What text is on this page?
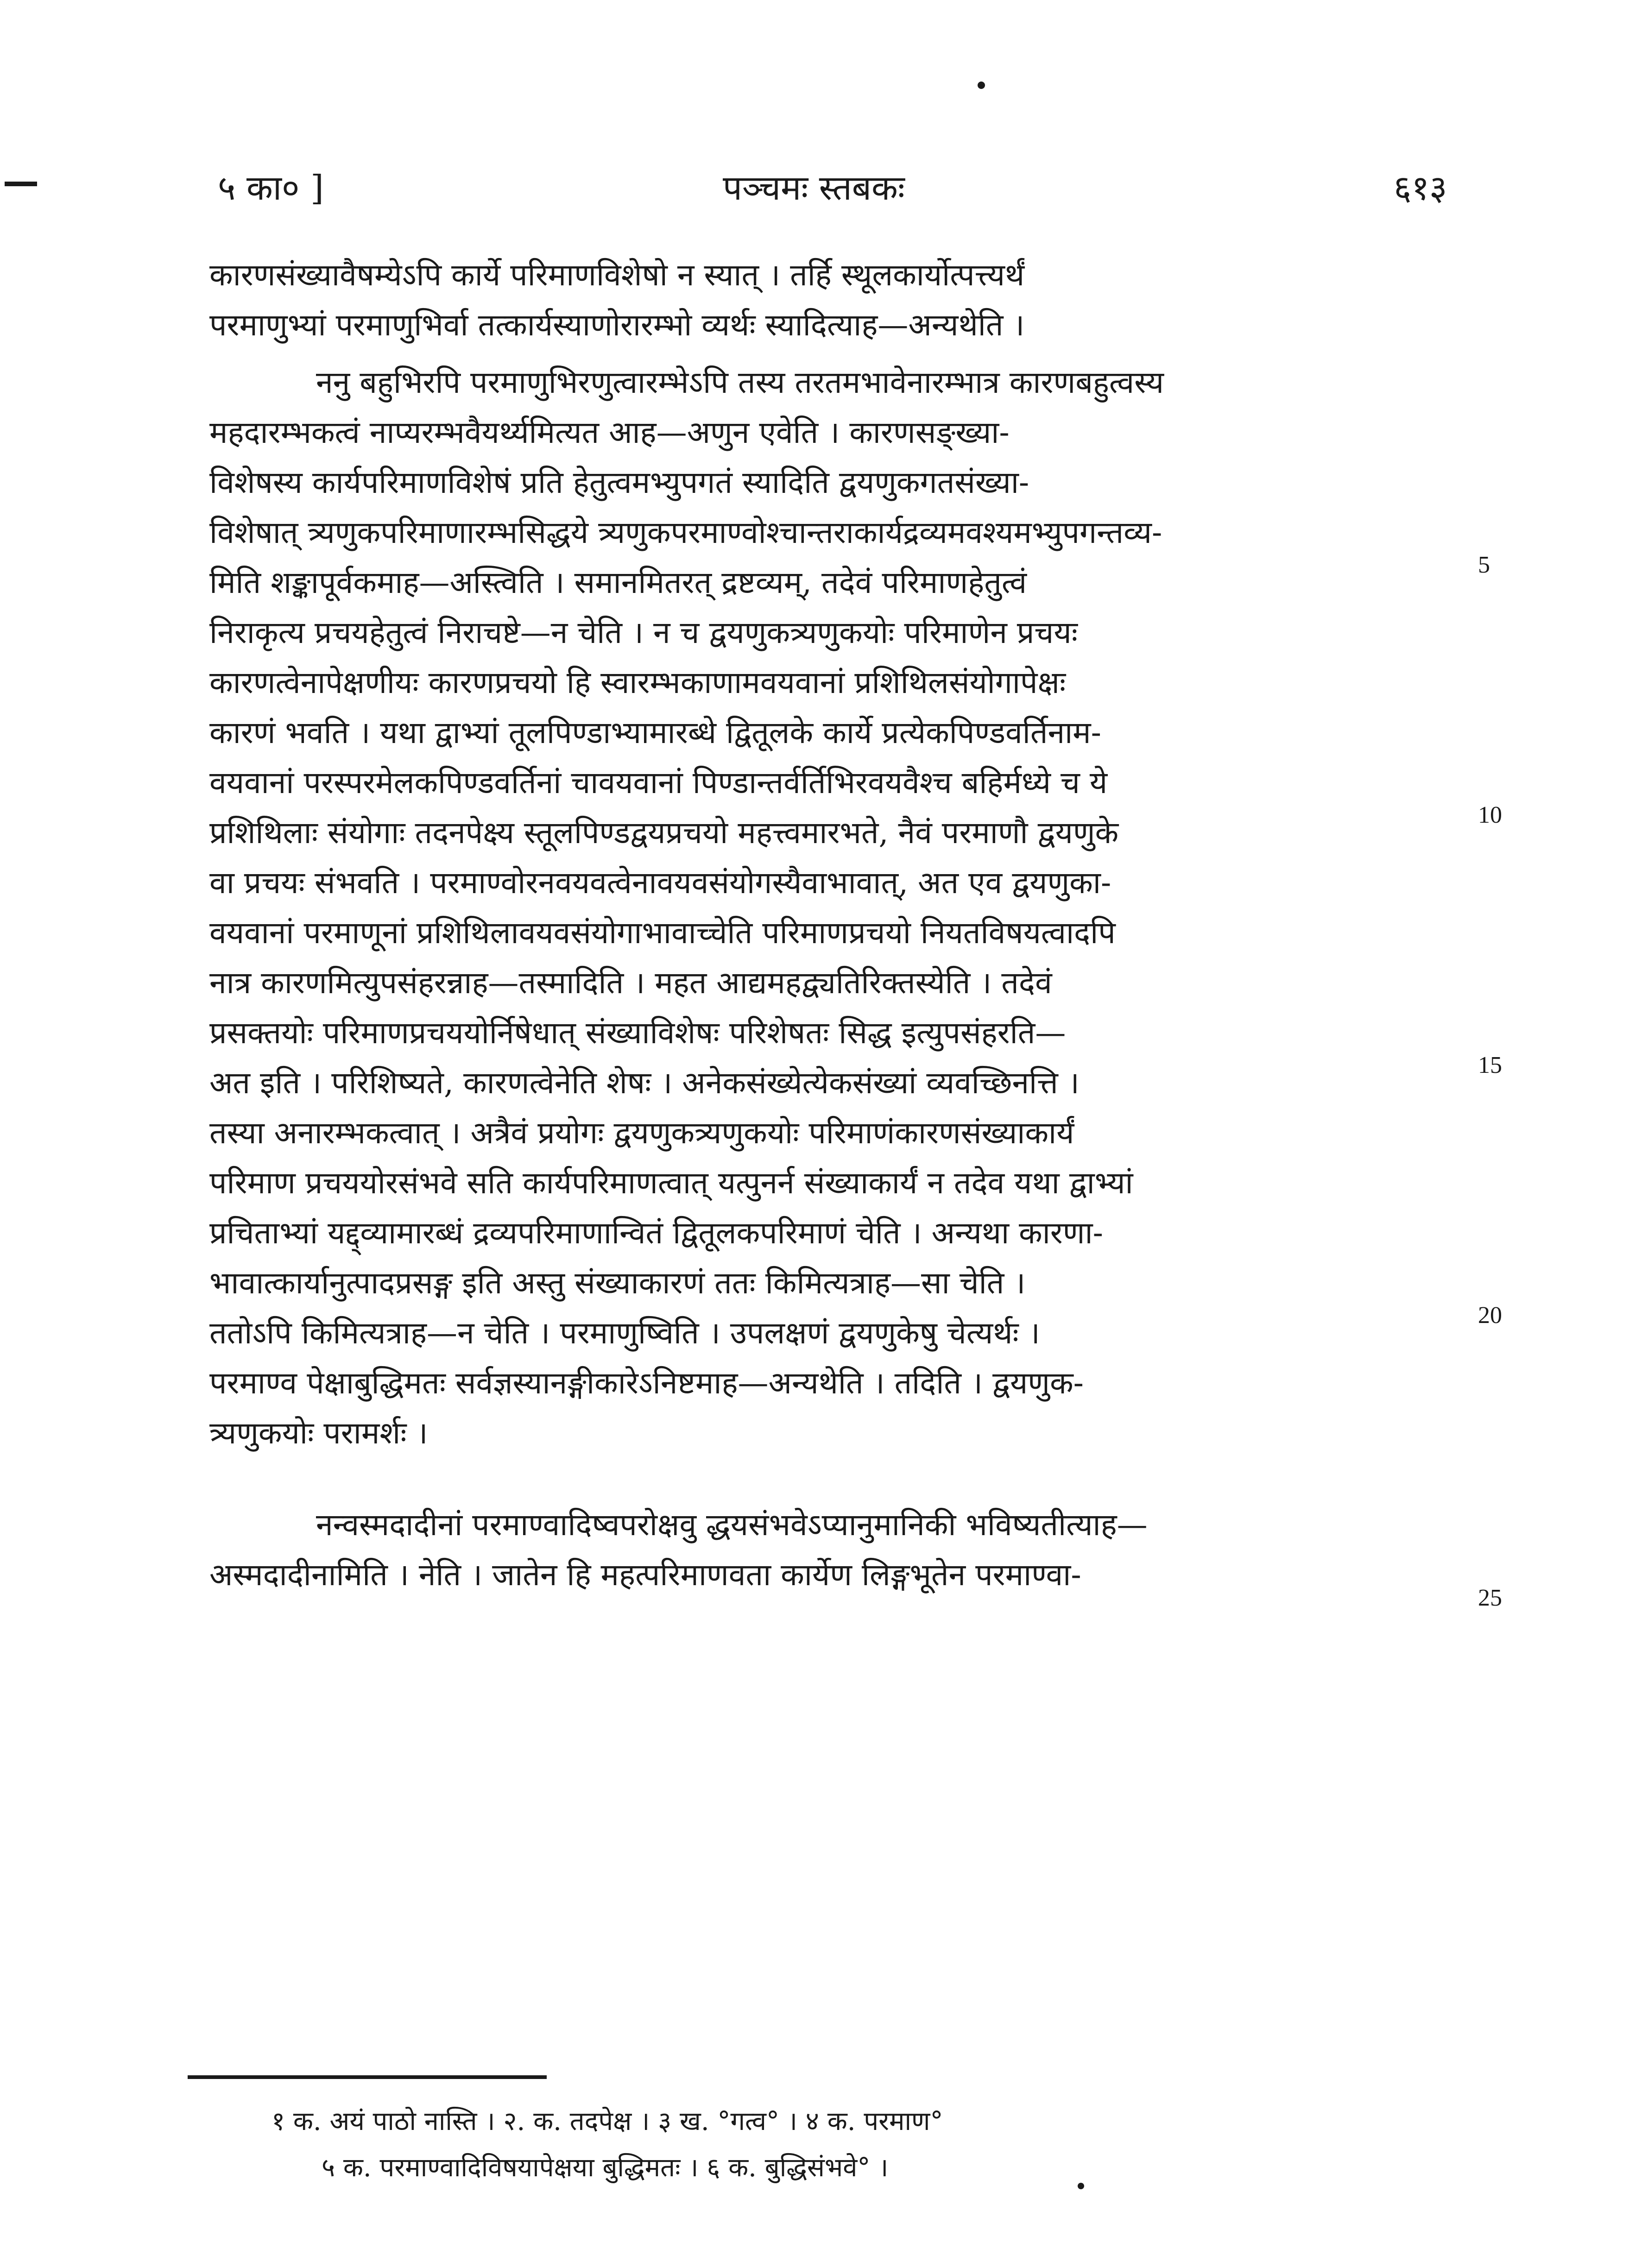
५ का० ]	पञ्चमः स्तबकः	६१३
कारणसंख्यावैषम्येऽपि कार्ये परिमाणविशेषो न स्यात् । तर्हि स्थूलकार्योत्पत्त्यर्थं
परमाणुभ्यां परमाणुभिर्वा तत्कार्यस्याणोरारम्भो व्यर्थः स्यादित्याह—अन्यथेति ।
ननु बहुभिरपि परमाणुभिरणुत्वारम्भेऽपि तस्य तरतमभावेनारम्भात्र कारणबहुत्वस्य
महदारम्भकत्वं नाप्यरम्भवैयर्थ्यमित्यत आह—अणुन एवेति । कारणसङ्ख्या-
विशेषस्य कार्यपरिमाणविशेषं प्रति हेतुत्वमभ्युपगतं स्यादिति द्वयणुकगतसंख्या-
विशेषात् त्र्यणुकपरिमाणारम्भसिद्धये त्र्यणुकपरमाण्वोश्चान्तराकार्यद्रव्यमवश्यमभ्युपगन्तव्य-
मिति शङ्कापूर्वकमाह—अस्त्विति । समानमितरत् द्रष्टव्यम्, तदेवं परिमाणहेतुत्वं
निराकृत्य प्रचयहेतुत्वं निराचष्टे—न चेति । न च द्वयणुकत्र्यणुकयोः परिमाणेन प्रचयः
कारणत्वेनापेक्षणीयः कारणप्रचयो हि स्वारम्भकाणामवयवानां प्रशिथिलसंयोगापेक्षः
कारणं भवति । यथा द्वाभ्यां तूलपिण्डाभ्यामारब्धे द्वितूलके कार्ये प्रत्येकपिण्डवर्तिनाम-
वयवानां परस्परमेलकपिण्डवर्तिनां चावयवानां पिण्डान्तर्वर्तिभिरवयवैश्च बहिर्मध्ये च ये
प्रशिथिलाः संयोगाः तदनपेक्ष्य स्तूलपिण्डद्वयप्रचयो महत्त्वमारभते, नैवं परमाणौ द्वयणुके
वा प्रचयः संभवति । परमाण्वोरनवयवत्वेनावयवसंयोगस्यैवाभावात्, अत एव द्वयणुका-
वयवानां परमाणूनां प्रशिथिलावयवसंयोगाभावाच्चेति परिमाणप्रचयो नियतविषयत्वादपि
नात्र कारणमित्युपसंहरन्नाह—तस्मादिति । महत आद्यमहद्व्यतिरिक्तस्येति । तदेवं
प्रसक्तयोः परिमाणप्रचययोर्निषेधात् संख्याविशेषः परिशेषतः सिद्ध इत्युपसंहरति—
अत इति । परिशिष्यते, कारणत्वेनेति शेषः । अनेकसंख्येत्येकसंख्यां व्यवच्छिनत्ति ।
तस्या अनारम्भकत्वात् । अत्रैवं प्रयोगः द्वयणुकत्र्यणुकयोः परिमाणंकारणसंख्याकार्यं
परिमाण प्रचययोरसंभवे सति कार्यपरिमाणत्वात् यत्पुनर्न संख्याकार्यं न तदेव यथा द्वाभ्यां
प्रचिताभ्यां यद्द्व्यामारब्धं द्रव्यपरिमाणान्वितं द्वितूलकपरिमाणं चेति । अन्यथा कारणा-
भावात्कार्यानुत्पादप्रसङ्ग इति अस्तु संख्याकारणं ततः किमित्यत्राह—सा चेति ।
ततोऽपि किमित्यत्राह—न चेति । परमाणुष्विति । उपलक्षणं द्वयणुकेषु चेत्यर्थः ।
परमाण्व पेक्षाबुद्धिमतः सर्वज्ञस्यानङ्गीकारेऽनिष्टमाह—अन्यथेति । तदिति । द्वयणुक-
त्र्यणुकयोः परामर्शः ।
नन्वस्मदादीनां परमाण्वादिष्वपरोक्षवु द्धयसंभवेऽप्यानुमानिकी भविष्यतीत्याह—
अस्मदादीनामिति । नेति । जातेन हि महत्परिमाणवता कार्येण लिङ्गभूतेन परमाण्वा-
5
10
15
20
25
१ क. अयं पाठो नास्ति । २. क. तदपेक्ष । ३ ख. °गत्व° । ४ क. परमाण°
५ क. परमाण्वादिविषयापेक्षया बुद्धिमतः । ६ क. बुद्धिसंभवे° ।
